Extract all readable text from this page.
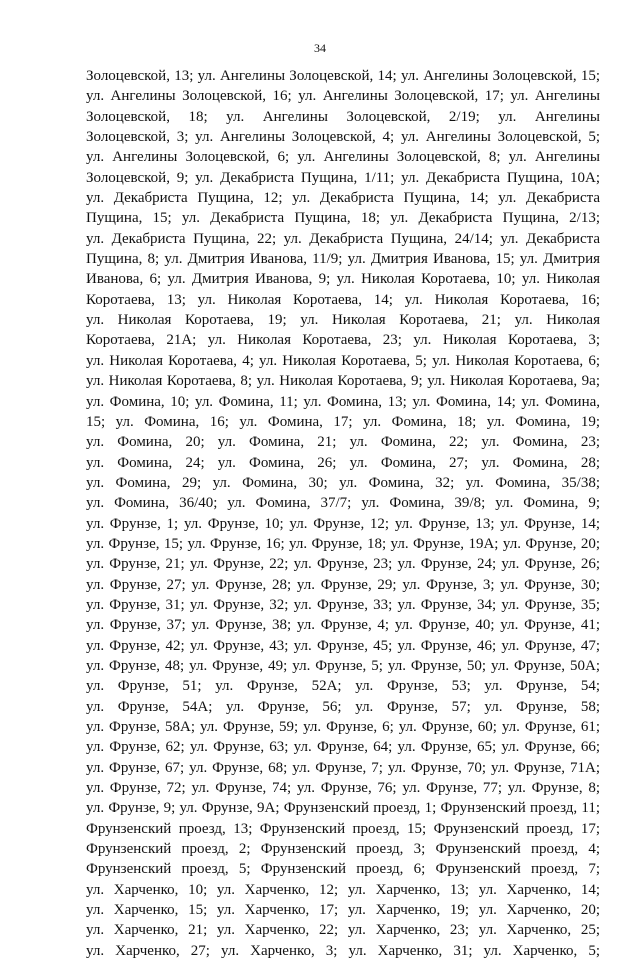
34
Золоцевской, 13; ул. Ангелины Золоцевской, 14; ул. Ангелины Золоцевской, 15;
ул. Ангелины Золоцевской, 16; ул. Ангелины Золоцевской, 17; ул. Ангелины
Золоцевской, 18; ул. Ангелины Золоцевской, 2/19; ул. Ангелины
Золоцевской, 3; ул. Ангелины Золоцевской, 4; ул. Ангелины Золоцевской, 5;
ул. Ангелины Золоцевской, 6; ул. Ангелины Золоцевской, 8; ул. Ангелины
Золоцевской, 9; ул. Декабриста Пущина, 1/11; ул. Декабриста Пущина, 10А;
ул. Декабриста Пущина, 12; ул. Декабриста Пущина, 14; ул. Декабриста
Пущина, 15; ул. Декабриста Пущина, 18; ул. Декабриста Пущина, 2/13;
ул. Декабриста Пущина, 22; ул. Декабриста Пущина, 24/14; ул. Декабриста
Пущина, 8; ул. Дмитрия Иванова, 11/9; ул. Дмитрия Иванова, 15; ул. Дмитрия
Иванова, 6; ул. Дмитрия Иванова, 9; ул. Николая Коротаева, 10; ул. Николая
Коротаева, 13; ул. Николая Коротаева, 14; ул. Николая Коротаева, 16;
ул. Николая Коротаева, 19; ул. Николая Коротаева, 21; ул. Николая
Коротаева, 21А; ул. Николая Коротаева, 23; ул. Николая Коротаева, 3;
ул. Николая Коротаева, 4; ул. Николая Коротаева, 5; ул. Николая Коротаева, 6;
ул. Николая Коротаева, 8; ул. Николая Коротаева, 9; ул. Николая Коротаева, 9а;
ул. Фомина, 10; ул. Фомина, 11; ул. Фомина, 13; ул. Фомина, 14; ул. Фомина,
15; ул. Фомина, 16; ул. Фомина, 17; ул. Фомина, 18; ул. Фомина, 19;
ул. Фомина, 20; ул. Фомина, 21; ул. Фомина, 22; ул. Фомина, 23;
ул. Фомина, 24; ул. Фомина, 26; ул. Фомина, 27; ул. Фомина, 28;
ул. Фомина, 29; ул. Фомина, 30; ул. Фомина, 32; ул. Фомина, 35/38;
ул. Фомина, 36/40; ул. Фомина, 37/7; ул. Фомина, 39/8; ул. Фомина, 9;
ул. Фрунзе, 1; ул. Фрунзе, 10; ул. Фрунзе, 12; ул. Фрунзе, 13; ул. Фрунзе, 14;
ул. Фрунзе, 15; ул. Фрунзе, 16; ул. Фрунзе, 18; ул. Фрунзе, 19А; ул. Фрунзе, 20;
ул. Фрунзе, 21; ул. Фрунзе, 22; ул. Фрунзе, 23; ул. Фрунзе, 24; ул. Фрунзе, 26;
ул. Фрунзе, 27; ул. Фрунзе, 28; ул. Фрунзе, 29; ул. Фрунзе, 3; ул. Фрунзе, 30;
ул. Фрунзе, 31; ул. Фрунзе, 32; ул. Фрунзе, 33; ул. Фрунзе, 34; ул. Фрунзе, 35;
ул. Фрунзе, 37; ул. Фрунзе, 38; ул. Фрунзе, 4; ул. Фрунзе, 40; ул. Фрунзе, 41;
ул. Фрунзе, 42; ул. Фрунзе, 43; ул. Фрунзе, 45; ул. Фрунзе, 46; ул. Фрунзе, 47;
ул. Фрунзе, 48; ул. Фрунзе, 49; ул. Фрунзе, 5; ул. Фрунзе, 50; ул. Фрунзе, 50А;
ул. Фрунзе, 51; ул. Фрунзе, 52А; ул. Фрунзе, 53; ул. Фрунзе, 54;
ул. Фрунзе, 54А; ул. Фрунзе, 56; ул. Фрунзе, 57; ул. Фрунзе, 58;
ул. Фрунзе, 58А; ул. Фрунзе, 59; ул. Фрунзе, 6; ул. Фрунзе, 60; ул. Фрунзе, 61;
ул. Фрунзе, 62; ул. Фрунзе, 63; ул. Фрунзе, 64; ул. Фрунзе, 65; ул. Фрунзе, 66;
ул. Фрунзе, 67; ул. Фрунзе, 68; ул. Фрунзе, 7; ул. Фрунзе, 70; ул. Фрунзе, 71А;
ул. Фрунзе, 72; ул. Фрунзе, 74; ул. Фрунзе, 76; ул. Фрунзе, 77; ул. Фрунзе, 8;
ул. Фрунзе, 9; ул. Фрунзе, 9А; Фрунзенский проезд, 1; Фрунзенский проезд, 11;
Фрунзенский проезд, 13; Фрунзенский проезд, 15; Фрунзенский проезд, 17;
Фрунзенский проезд, 2; Фрунзенский проезд, 3; Фрунзенский проезд, 4;
Фрунзенский проезд, 5; Фрунзенский проезд, 6; Фрунзенский проезд, 7;
ул. Харченко, 10; ул. Харченко, 12; ул. Харченко, 13; ул. Харченко, 14;
ул. Харченко, 15; ул. Харченко, 17; ул. Харченко, 19; ул. Харченко, 20;
ул. Харченко, 21; ул. Харченко, 22; ул. Харченко, 23; ул. Харченко, 25;
ул. Харченко, 27; ул. Харченко, 3; ул. Харченко, 31; ул. Харченко, 5;
